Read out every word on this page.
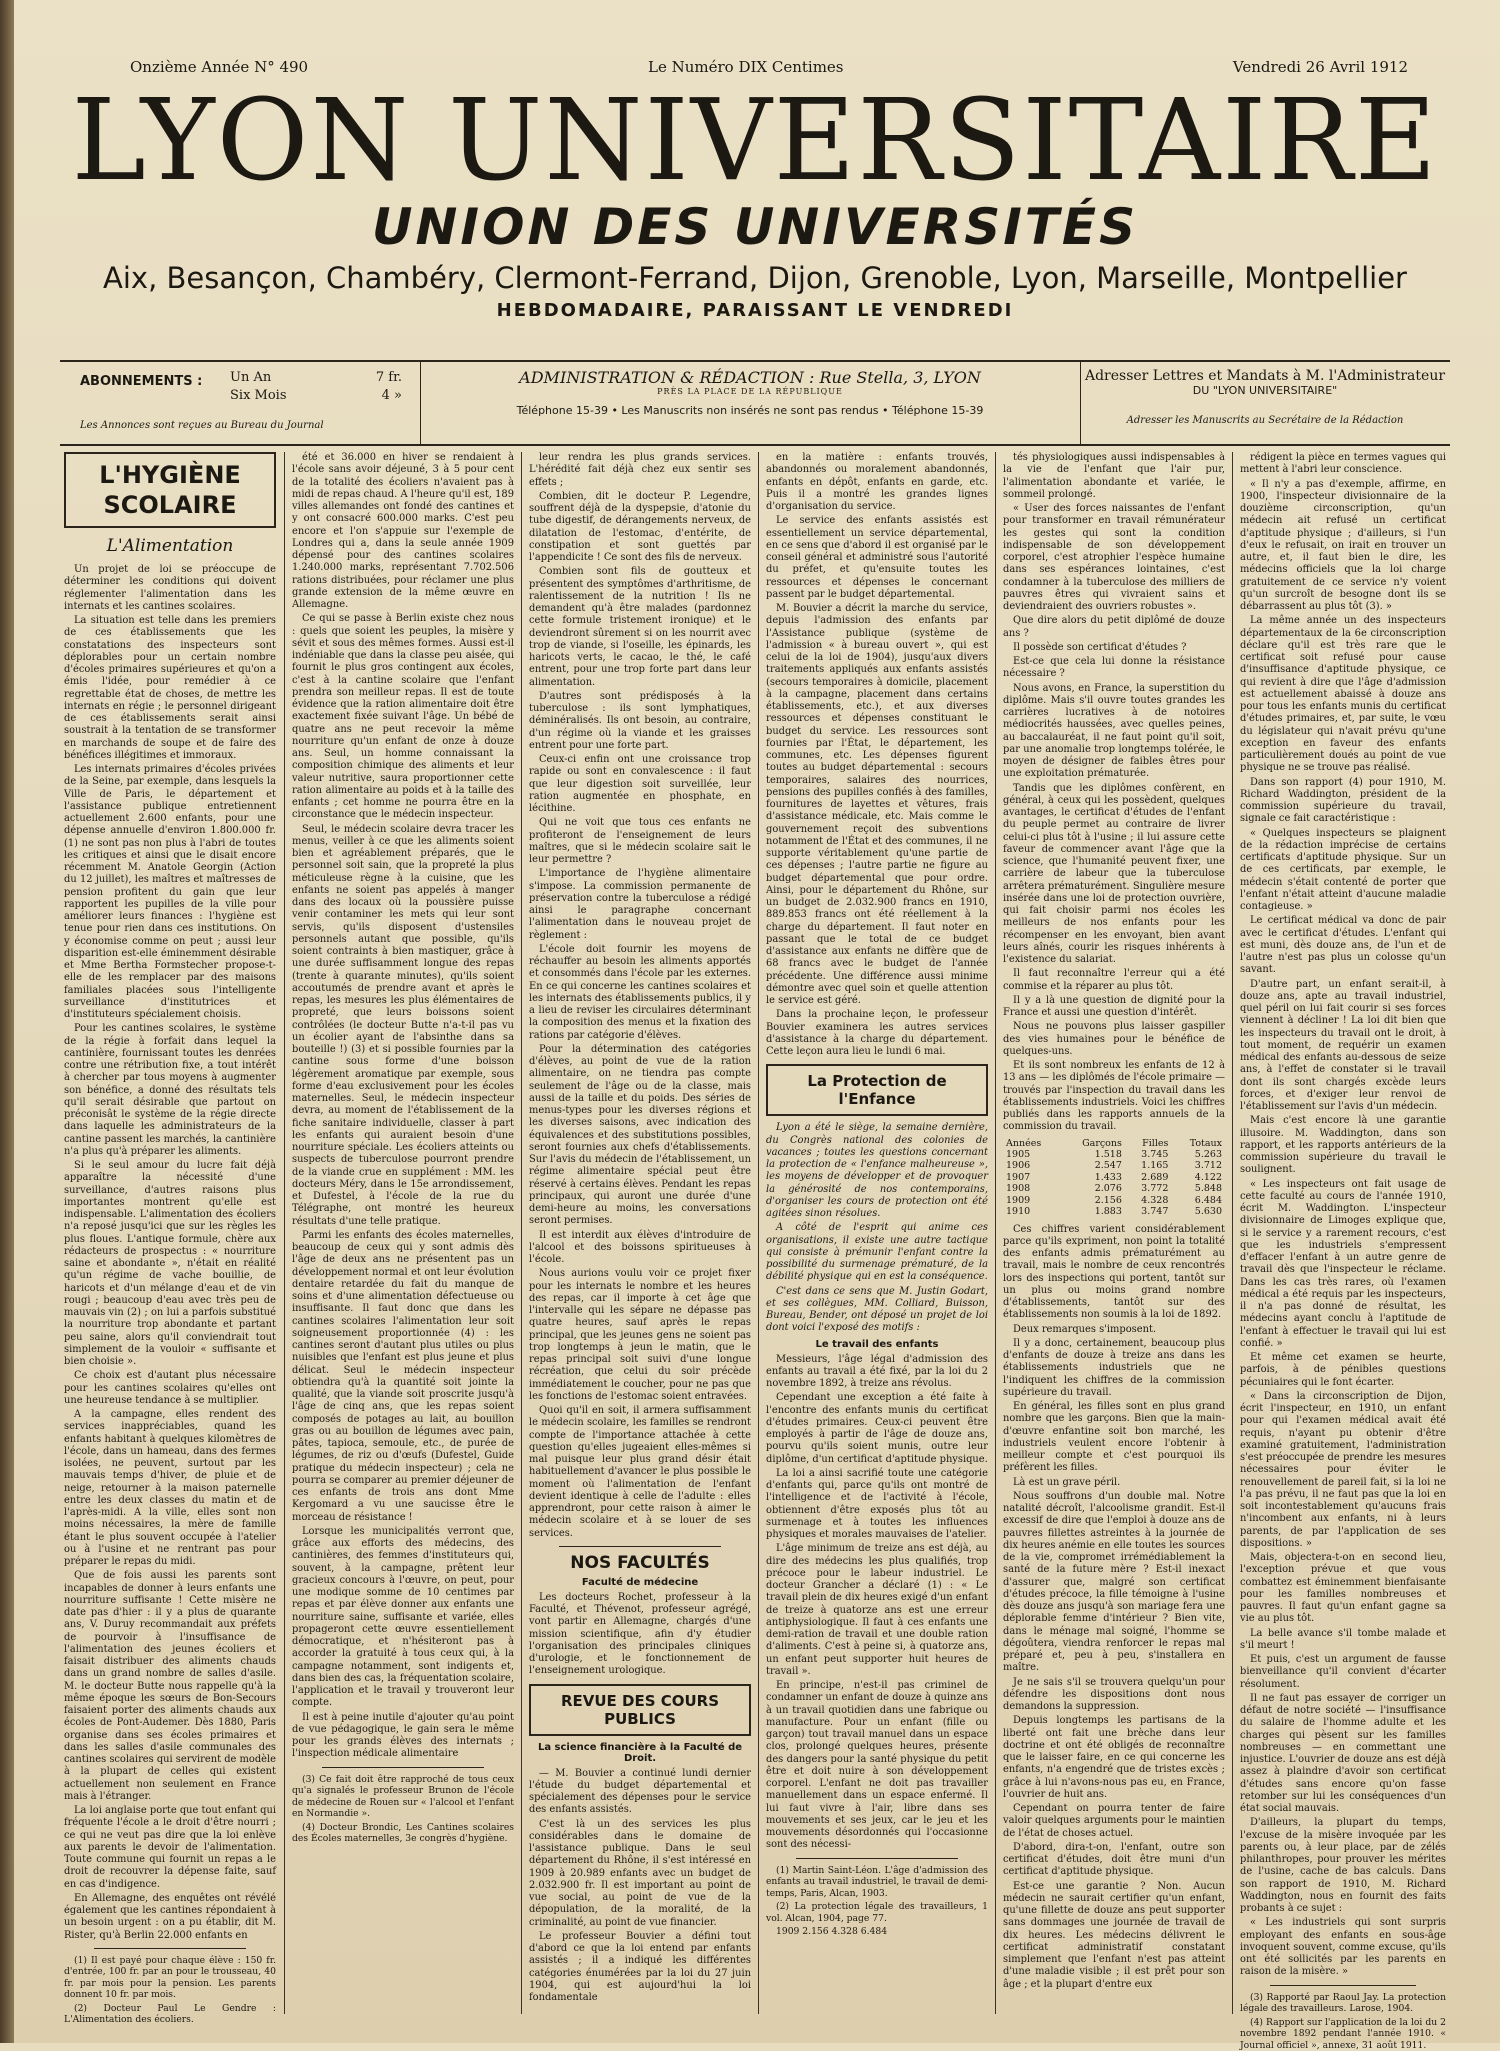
Onzième Année N° 490	Le Numéro DIX Centimes	Vendredi 26 Avril 1912
LYON UNIVERSITAIRE
UNION DES UNIVERSITÉS
Aix, Besançon, Chambéry, Clermont-Ferrand, Dijon, Grenoble, Lyon, Marseille, Montpellier
HEBDOMADAIRE, PARAISSANT LE VENDREDI
ABONNEMENTS : Un An	7 fr.
Six Mois	4 »
Les Annonces sont reçues au Bureau du Journal
ADMINISTRATION & RÉDACTION : Rue Stella, 3, LYON
PRÈS LA PLACE DE LA RÉPUBLIQUE
Téléphone 15-39 • Les Manuscrits non insérés ne sont pas rendus • Téléphone 15-39
Adresser Lettres et Mandats à M. l'Administrateur
DU "LYON UNIVERSITAIRE"
Adresser les Manuscrits au Secrétaire de la Rédaction
L'HYGIÈNE SCOLAIRE
L'Alimentation

Un projet de loi se préoccupe de déterminer les conditions qui doivent réglementer l'alimentation dans les internats et les cantines scolaires.

La situation est telle dans les premiers de ces établissements que les constatations des inspecteurs sont déplorables pour un certain nombre d'écoles primaires supérieures et qu'on a émis l'idée, pour remédier à ce regrettable état de choses, de mettre les internats en régie ; le personnel dirigeant de ces établissements serait ainsi soustrait à la tentation de se transformer en marchands de soupe et de faire des bénéfices illégitimes et immoraux.

Les internats primaires d'écoles privées de la Seine, par exemple, dans lesquels la Ville de Paris, le département et l'assistance publique entretiennent actuellement 2.600 enfants, pour une dépense annuelle d'environ 1.800.000 fr. (1) ne sont pas non plus à l'abri de toutes les critiques et ainsi que le disait encore récemment M. Anatole Georgin (Action du 12 juillet), les maîtres et maîtresses de pension profitent du gain que leur rapportent les pupilles de la ville pour améliorer leurs finances : l'hygiène est tenue pour rien dans ces institutions. On y économise comme on peut ; aussi leur disparition est-elle éminemment désirable et Mme Bertha Formstecher propose-t-elle de les remplacer par des maisons familiales placées sous l'intelligente surveillance d'institutrices et d'instituteurs spécialement choisis.

Pour les cantines scolaires, le système de la régie à forfait dans lequel la cantinière, fournissant toutes les denrées contre une rétribution fixe, a tout intérêt à chercher par tous moyens à augmenter son bénéfice, a donné des résultats tels qu'il serait désirable que partout on préconisât le système de la régie directe dans laquelle les administrateurs de la cantine passent les marchés, la cantinière n'a plus qu'à préparer les aliments.

Si le seul amour du lucre fait déjà apparaître la nécessité d'une surveillance, d'autres raisons plus importantes montrent qu'elle est indispensable. L'alimentation des écoliers n'a reposé jusqu'ici que sur les règles les plus floues. L'antique formule, chère aux rédacteurs de prospectus : « nourriture saine et abondante », n'était en réalité qu'un régime de vache bouillie, de haricots et d'un mélange d'eau et de vin rougi ; beaucoup d'eau avec très peu de mauvais vin (2) ; on lui a parfois substitué la nourriture trop abondante et partant peu saine, alors qu'il conviendrait tout simplement de la vouloir « suffisante et bien choisie ».

Ce choix est d'autant plus nécessaire pour les cantines scolaires qu'elles ont une heureuse tendance à se multiplier.

A la campagne, elles rendent des services inappréciables, quand les enfants habitant à quelques kilomètres de l'école, dans un hameau, dans des fermes isolées, ne peuvent, surtout par les mauvais temps d'hiver, de pluie et de neige, retourner à la maison paternelle entre les deux classes du matin et de l'après-midi. A la ville, elles sont non moins nécessaires, la mère de famille étant le plus souvent occupée à l'atelier ou à l'usine et ne rentrant pas pour préparer le repas du midi.

Que de fois aussi les parents sont incapables de donner à leurs enfants une nourriture suffisante ! Cette misère ne date pas d'hier : il y a plus de quarante ans, V. Duruy recommandait aux préfets de pourvoir à l'insuffisance de l'alimentation des jeunes écoliers et faisait distribuer des aliments chauds dans un grand nombre de salles d'asile. M. le docteur Butte nous rappelle qu'à la même époque les sœurs de Bon-Secours faisaient porter des aliments chauds aux écoles de Pont-Audemer. Dès 1880, Paris organise dans ses écoles primaires et dans les salles d'asile communales des cantines scolaires qui servirent de modèle à la plupart de celles qui existent actuellement non seulement en France mais à l'étranger.

La loi anglaise porte que tout enfant qui fréquente l'école a le droit d'être nourri ; ce qui ne veut pas dire que la loi enlève aux parents le devoir de l'alimentation. Toute commune qui fournit un repas a le droit de recouvrer la dépense faite, sauf en cas d'indigence.

En Allemagne, des enquêtes ont révélé également que les cantines répondaient à un besoin urgent : on a pu établir, dit M. Rister, qu'à Berlin 22.000 enfants en

(1) Il est payé pour chaque élève : 150 fr. d'entrée, 100 fr. par an pour le trousseau, 40 fr. par mois pour la pension. Les parents donnent 10 fr. par mois.

(2) Docteur Paul Le Gendre : L'Alimentation des écoliers.

été et 36.000 en hiver se rendaient à l'école sans avoir déjeuné, 3 à 5 pour cent de la totalité des écoliers n'avaient pas à midi de repas chaud. A l'heure qu'il est, 189 villes allemandes ont fondé des cantines et y ont consacré 600.000 marks. C'est peu encore et l'on s'appuie sur l'exemple de Londres qui a, dans la seule année 1909 dépensé pour des cantines scolaires 1.240.000 marks, représentant 7.702.506 rations distribuées, pour réclamer une plus grande extension de la même œuvre en Allemagne.

Ce qui se passe à Berlin existe chez nous : quels que soient les peuples, la misère y sévit et sous des mêmes formes. Aussi est-il indéniable que dans la classe peu aisée, qui fournit le plus gros contingent aux écoles, c'est à la cantine scolaire que l'enfant prendra son meilleur repas. Il est de toute évidence que la ration alimentaire doit être exactement fixée suivant l'âge. Un bébé de quatre ans ne peut recevoir la même nourriture qu'un enfant de onze à douze ans. Seul, un homme connaissant la composition chimique des aliments et leur valeur nutritive, saura proportionner cette ration alimentaire au poids et à la taille des enfants ; cet homme ne pourra être en la circonstance que le médecin inspecteur.

Seul, le médecin scolaire devra tracer les menus, veiller à ce que les aliments soient bien et agréablement préparés, que le personnel soit sain, que la propreté la plus méticuleuse règne à la cuisine, que les enfants ne soient pas appelés à manger dans des locaux où la poussière puisse venir contaminer les mets qui leur sont servis, qu'ils disposent d'ustensiles personnels autant que possible, qu'ils soient contraints à bien mastiquer, grâce à une durée suffisamment longue des repas (trente à quarante minutes), qu'ils soient accoutumés de prendre avant et après le repas, les mesures les plus élémentaires de propreté, que leurs boissons soient contrôlées (le docteur Butte n'a-t-il pas vu un écolier ayant de l'absinthe dans sa bouteille !) (3) et si possible fournies par la cantine sous forme d'une boisson légèrement aromatique par exemple, sous forme d'eau exclusivement pour les écoles maternelles. Seul, le médecin inspecteur devra, au moment de l'établissement de la fiche sanitaire individuelle, classer à part les enfants qui auraient besoin d'une nourriture spéciale. Les écoliers atteints ou suspects de tuberculose pourront prendre de la viande crue en supplément : MM. les docteurs Méry, dans le 15e arrondissement, et Dufestel, à l'école de la rue du Télégraphe, ont montré les heureux résultats d'une telle pratique.

Parmi les enfants des écoles maternelles, beaucoup de ceux qui y sont admis dès l'âge de deux ans ne présentent pas un développement normal et ont leur évolution dentaire retardée du fait du manque de soins et d'une alimentation défectueuse ou insuffisante. Il faut donc que dans les cantines scolaires l'alimentation leur soit soigneusement proportionnée (4) : les cantines seront d'autant plus utiles ou plus nuisibles que l'enfant est plus jeune et plus délicat. Seul le médecin inspecteur obtiendra qu'à la quantité soit jointe la qualité, que la viande soit proscrite jusqu'à l'âge de cinq ans, que les repas soient composés de potages au lait, au bouillon gras ou au bouillon de légumes avec pain, pâtes, tapioca, semoule, etc., de purée de légumes, de riz ou d'œufs (Dufestel, Guide pratique du médecin inspecteur) ; cela ne pourra se comparer au premier déjeuner de ces enfants de trois ans dont Mme Kergomard a vu une saucisse être le morceau de résistance !

Lorsque les municipalités verront que, grâce aux efforts des médecins, des cantinières, des femmes d'instituteurs qui, souvent, à la campagne, prêtent leur gracieux concours à l'œuvre, on peut, pour une modique somme de 10 centimes par repas et par élève donner aux enfants une nourriture saine, suffisante et variée, elles propageront cette œuvre essentiellement démocratique, et n'hésiteront pas à accorder la gratuité à tous ceux qui, à la campagne notamment, sont indigents et, dans bien des cas, la fréquentation scolaire, l'application et le travail y trouveront leur compte.

Il est à peine inutile d'ajouter qu'au point de vue pédagogique, le gain sera le même pour les grands élèves des internats ; l'inspection médicale alimentaire

(3) Ce fait doit être rapproché de tous ceux qu'a signalés le professeur Brunon de l'école de médecine de Rouen sur « l'alcool et l'enfant en Normandie ».

(4) Docteur Brondic, Les Cantines scolaires des Écoles maternelles, 3e congrès d'hygiène.

leur rendra les plus grands services. L'hérédité fait déjà chez eux sentir ses effets ;

Combien, dit le docteur P. Legendre, souffrent déjà de la dyspepsie, d'atonie du tube digestif, de dérangements nerveux, de dilatation de l'estomac, d'entérite, de constipation et sont guettés par l'appendicite ! Ce sont des fils de nerveux.

Combien sont fils de goutteux et présentent des symptômes d'arthritisme, de ralentissement de la nutrition ! Ils ne demandent qu'à être malades (pardonnez cette formule tristement ironique) et le deviendront sûrement si on les nourrit avec trop de viande, si l'oseille, les épinards, les haricots verts, le cacao, le thé, le café entrent, pour une trop forte part dans leur alimentation.

D'autres sont prédisposés à la tuberculose : ils sont lymphatiques, déminéralisés. Ils ont besoin, au contraire, d'un régime où la viande et les graisses entrent pour une forte part.

Ceux-ci enfin ont une croissance trop rapide ou sont en convalescence : il faut que leur digestion soit surveillée, leur ration augmentée en phosphate, en lécithine.

Qui ne voit que tous ces enfants ne profiteront de l'enseignement de leurs maîtres, que si le médecin scolaire sait le leur permettre ?

L'importance de l'hygiène alimentaire s'impose. La commission permanente de préservation contre la tuberculose a rédigé ainsi le paragraphe concernant l'alimentation dans le nouveau projet de règlement :

L'école doit fournir les moyens de réchauffer au besoin les aliments apportés et consommés dans l'école par les externes. En ce qui concerne les cantines scolaires et les internats des établissements publics, il y a lieu de reviser les circulaires déterminant la composition des menus et la fixation des rations par catégorie d'élèves.

Pour la détermination des catégories d'élèves, au point de vue de la ration alimentaire, on ne tiendra pas compte seulement de l'âge ou de la classe, mais aussi de la taille et du poids. Des séries de menus-types pour les diverses régions et les diverses saisons, avec indication des équivalences et des substitutions possibles, seront fournies aux chefs d'établissements. Sur l'avis du médecin de l'établissement, un régime alimentaire spécial peut être réservé à certains élèves. Pendant les repas principaux, qui auront une durée d'une demi-heure au moins, les conversations seront permises.

Il est interdit aux élèves d'introduire de l'alcool et des boissons spiritueuses à l'école.

Nous aurions voulu voir ce projet fixer pour les internats le nombre et les heures des repas, car il importe à cet âge que l'intervalle qui les sépare ne dépasse pas quatre heures, sauf après le repas principal, que les jeunes gens ne soient pas trop longtemps à jeun le matin, que le repas principal soit suivi d'une longue récréation, que celui du soir précède immédiatement le coucher, pour ne pas que les fonctions de l'estomac soient entravées.

Quoi qu'il en soit, il armera suffisamment le médecin scolaire, les familles se rendront compte de l'importance attachée à cette question qu'elles jugeaient elles-mêmes si mal puisque leur plus grand désir était habituellement d'avancer le plus possible le moment où l'alimentation de l'enfant devient identique à celle de l'adulte : elles apprendront, pour cette raison à aimer le médecin scolaire et à se louer de ses services.

NOS FACULTÉS
Faculté de médecine

Les docteurs Rochet, professeur à la Faculté, et Thévenot, professeur agrégé, vont partir en Allemagne, chargés d'une mission scientifique, afin d'y étudier l'organisation des principales cliniques d'urologie, et le fonctionnement de l'enseignement urologique.

REVUE DES COURS PUBLICS
La science financière à la Faculté de Droit.

— M. Bouvier a continué lundi dernier l'étude du budget départemental et spécialement des dépenses pour le service des enfants assistés.

C'est là un des services les plus considérables dans le domaine de l'assistance publique. Dans le seul département du Rhône, il s'est intéressé en 1909 à 20.989 enfants avec un budget de 2.032.900 fr. Il est important au point de vue social, au point de vue de la dépopulation, de la moralité, de la criminalité, au point de vue financier.

Le professeur Bouvier a défini tout d'abord ce que la loi entend par enfants assistés ; il a indiqué les différentes catégories énumérées par la loi du 27 juin 1904, qui est aujourd'hui la loi fondamentale

en la matière : enfants trouvés, abandonnés ou moralement abandonnés, enfants en dépôt, enfants en garde, etc. Puis il a montré les grandes lignes d'organisation du service.

Le service des enfants assistés est essentiellement un service départemental, en ce sens que d'abord il est organisé par le conseil général et administré sous l'autorité du préfet, et qu'ensuite toutes les ressources et dépenses le concernant passent par le budget départemental.

M. Bouvier a décrit la marche du service, depuis l'admission des enfants par l'Assistance publique (système de l'admission « à bureau ouvert », qui est celui de la loi de 1904), jusqu'aux divers traitements appliqués aux enfants assistés (secours temporaires à domicile, placement à la campagne, placement dans certains établissements, etc.), et aux diverses ressources et dépenses constituant le budget du service. Les ressources sont fournies par l'État, le département, les communes, etc. Les dépenses figurent toutes au budget départemental : secours temporaires, salaires des nourrices, pensions des pupilles confiés à des familles, fournitures de layettes et vêtures, frais d'assistance médicale, etc. Mais comme le gouvernement reçoit des subventions notamment de l'État et des communes, il ne supporte véritablement qu'une partie de ces dépenses ; l'autre partie ne figure au budget départemental que pour ordre. Ainsi, pour le département du Rhône, sur un budget de 2.032.900 francs en 1910, 889.853 francs ont été réellement à la charge du département. Il faut noter en passant que le total de ce budget d'assistance aux enfants ne diffère que de 68 francs avec le budget de l'année précédente. Une différence aussi minime démontre avec quel soin et quelle attention le service est géré.

Dans la prochaine leçon, le professeur Bouvier examinera les autres services d'assistance à la charge du département. Cette leçon aura lieu le lundi 6 mai.

La Protection de l'Enfance

Lyon a été le siège, la semaine dernière, du Congrès national des colonies de vacances ; toutes les questions concernant la protection de « l'enfance malheureuse », les moyens de développer et de provoquer la générosité de nos contemporains, d'organiser les cours de protection ont été agitées sinon résolues.

A côté de l'esprit qui anime ces organisations, il existe une autre tactique qui consiste à prémunir l'enfant contre la possibilité du surmenage prématuré, de la débilité physique qui en est la conséquence.

C'est dans ce sens que M. Justin Godart, et ses collègues, MM. Colliard, Buisson, Bureau, Bender, ont déposé un projet de loi dont voici l'exposé des motifs :

Le travail des enfants

Messieurs, l'âge légal d'admission des enfants au travail a été fixé, par la loi du 2 novembre 1892, à treize ans révolus.

Cependant une exception a été faite à l'encontre des enfants munis du certificat d'études primaires. Ceux-ci peuvent être employés à partir de l'âge de douze ans, pourvu qu'ils soient munis, outre leur diplôme, d'un certificat d'aptitude physique.

La loi a ainsi sacrifié toute une catégorie d'enfants qui, parce qu'ils ont montré de l'intelligence et de l'activité à l'école, obtiennent d'être exposés plus tôt au surmenage et à toutes les influences physiques et morales mauvaises de l'atelier.

L'âge minimum de treize ans est déjà, au dire des médecins les plus qualifiés, trop précoce pour le labeur industriel. Le docteur Grancher a déclaré (1) : « Le travail plein de dix heures exigé d'un enfant de treize à quatorze ans est une erreur antiphysiologique. Il faut à ces enfants une demi-ration de travail et une double ration d'aliments. C'est à peine si, à quatorze ans, un enfant peut supporter huit heures de travail ».

En principe, n'est-il pas criminel de condamner un enfant de douze à quinze ans à un travail quotidien dans une fabrique ou manufacture. Pour un enfant (fille ou garçon) tout travail manuel dans un espace clos, prolongé quelques heures, présente des dangers pour la santé physique du petit être et doit nuire à son développement corporel. L'enfant ne doit pas travailler manuellement dans un espace enfermé. Il lui faut vivre à l'air, libre dans ses mouvements et ses jeux, car le jeu et les mouvements désordonnés qui l'occasionne sont des nécessi-

(1) Martin Saint-Léon. L'âge d'admission des enfants au travail industriel, le travail de demi-temps, Paris, Alcan, 1903.

(2) La protection légale des travailleurs, 1 vol. Alcan, 1904, page 77.

1909 2.156 4.328 6.484

tés physiologiques aussi indispensables à la vie de l'enfant que l'air pur, l'alimentation abondante et variée, le sommeil prolongé.

« User des forces naissantes de l'enfant pour transformer en travail rémunérateur les gestes qui sont la condition indispensable de son développement corporel, c'est atrophier l'espèce humaine dans ses espérances lointaines, c'est condamner à la tuberculose des milliers de pauvres êtres qui vivraient sains et deviendraient des ouvriers robustes ».

Que dire alors du petit diplômé de douze ans ?

Il possède son certificat d'études ?

Est-ce que cela lui donne la résistance nécessaire ?

Nous avons, en France, la superstition du diplôme. Mais s'il ouvre toutes grandes les carrières lucratives à de notoires médiocrités haussées, avec quelles peines, au baccalauréat, il ne faut point qu'il soit, par une anomalie trop longtemps tolérée, le moyen de désigner de faibles êtres pour une exploitation prématurée.

Tandis que les diplômes confèrent, en général, à ceux qui les possèdent, quelques avantages, le certificat d'études de l'enfant du peuple permet au contraire de livrer celui-ci plus tôt à l'usine ; il lui assure cette faveur de commencer avant l'âge que la science, que l'humanité peuvent fixer, une carrière de labeur que la tuberculose arrêtera prématurément. Singulière mesure insérée dans une loi de protection ouvrière, qui fait choisir parmi nos écoles les meilleurs de nos enfants pour les récompenser en les envoyant, bien avant leurs aînés, courir les risques inhérents à l'existence du salariat.

Il faut reconnaître l'erreur qui a été commise et la réparer au plus tôt.

Il y a là une question de dignité pour la France et aussi une question d'intérêt.

Nous ne pouvons plus laisser gaspiller des vies humaines pour le bénéfice de quelques-uns.

Et ils sont nombreux les enfants de 12 à 13 ans — les diplômés de l'école primaire — trouvés par l'inspection du travail dans les établissements industriels. Voici les chiffres publiés dans les rapports annuels de la commission du travail.

Années	Garçons	Filles	Totaux
1905	1.518	3.745	5.263
1906	2.547	1.165	3.712
1907	1.433	2.689	4.122
1908	2.076	3.772	5.848
1909	2.156	4.328	6.484
1910	1.883	3.747	5.630

Ces chiffres varient considérablement parce qu'ils expriment, non point la totalité des enfants admis prématurément au travail, mais le nombre de ceux rencontrés lors des inspections qui portent, tantôt sur un plus ou moins grand nombre d'établissements, tantôt sur des établissements non soumis à la loi de 1892.

Deux remarques s'imposent.

Il y a donc, certainement, beaucoup plus d'enfants de douze à treize ans dans les établissements industriels que ne l'indiquent les chiffres de la commission supérieure du travail.

En général, les filles sont en plus grand nombre que les garçons. Bien que la main-d'œuvre enfantine soit bon marché, les industriels veulent encore l'obtenir à meilleur compte et c'est pourquoi ils préfèrent les filles.

Là est un grave péril.

Nous souffrons d'un double mal. Notre natalité décroît, l'alcoolisme grandit. Est-il excessif de dire que l'emploi à douze ans de pauvres fillettes astreintes à la journée de dix heures anémie en elle toutes les sources de la vie, compromet irrémédiablement la santé de la future mère ? Est-il inexact d'assurer que, malgré son certificat d'études précoce, la fille témoigne à l'usine dès douze ans jusqu'à son mariage fera une déplorable femme d'intérieur ? Bien vite, dans le ménage mal soigné, l'homme se dégoûtera, viendra renforcer le repas mal préparé et, peu à peu, s'installera en maître.

Je ne sais s'il se trouvera quelqu'un pour défendre les dispositions dont nous demandons la suppression.

Depuis longtemps les partisans de la liberté ont fait une brèche dans leur doctrine et ont été obligés de reconnaître que le laisser faire, en ce qui concerne les enfants, n'a engendré que de tristes excès ; grâce à lui n'avons-nous pas eu, en France, l'ouvrier de huit ans.

Cependant on pourra tenter de faire valoir quelques arguments pour le maintien de l'état de choses actuel.

D'abord, dira-t-on, l'enfant, outre son certificat d'études, doit être muni d'un certificat d'aptitude physique.

Est-ce une garantie ? Non. Aucun médecin ne saurait certifier qu'un enfant, qu'une fillette de douze ans peut supporter sans dommages une journée de travail de dix heures. Les médecins délivrent le certificat administratif constatant simplement que l'enfant n'est pas atteint d'une maladie visible ; il est prêt pour son âge ; et la plupart d'entre eux

rédigent la pièce en termes vagues qui mettent à l'abri leur conscience.

« Il n'y a pas d'exemple, affirme, en 1900, l'inspecteur divisionnaire de la douzième circonscription, qu'un médecin ait refusé un certificat d'aptitude physique ; d'ailleurs, si l'un d'eux le refusait, on irait en trouver un autre, et, il faut bien le dire, les médecins officiels que la loi charge gratuitement de ce service n'y voient qu'un surcroît de besogne dont ils se débarrassent au plus tôt (3). »

La même année un des inspecteurs départementaux de la 6e circonscription déclare qu'il est très rare que le certificat soit refusé pour cause d'insuffisance d'aptitude physique, ce qui revient à dire que l'âge d'admission est actuellement abaissé à douze ans pour tous les enfants munis du certificat d'études primaires, et, par suite, le vœu du législateur qui n'avait prévu qu'une exception en faveur des enfants particulièrement doués au point de vue physique ne se trouve pas réalisé.

Dans son rapport (4) pour 1910, M. Richard Waddington, président de la commission supérieure du travail, signale ce fait caractéristique :

« Quelques inspecteurs se plaignent de la rédaction imprécise de certains certificats d'aptitude physique. Sur un de ces certificats, par exemple, le médecin s'était contenté de porter que l'enfant n'était atteint d'aucune maladie contagieuse. »

Le certificat médical va donc de pair avec le certificat d'études. L'enfant qui est muni, dès douze ans, de l'un et de l'autre n'est pas plus un colosse qu'un savant.

D'autre part, un enfant serait-il, à douze ans, apte au travail industriel, quel péril on lui fait courir si ses forces viennent à décliner ! La loi dit bien que les inspecteurs du travail ont le droit, à tout moment, de requérir un examen médical des enfants au-dessous de seize ans, à l'effet de constater si le travail dont ils sont chargés excède leurs forces, et d'exiger leur renvoi de l'établissement sur l'avis d'un médecin.

Mais c'est encore là une garantie illusoire. M. Waddington, dans son rapport, et les rapports antérieurs de la commission supérieure du travail le soulignent.

« Les inspecteurs ont fait usage de cette faculté au cours de l'année 1910, écrit M. Waddington. L'inspecteur divisionnaire de Limoges explique que, si le service y a rarement recours, c'est que les industriels s'empressent d'effacer l'enfant à un autre genre de travail dès que l'inspecteur le réclame. Dans les cas très rares, où l'examen médical a été requis par les inspecteurs, il n'a pas donné de résultat, les médecins ayant conclu à l'aptitude de l'enfant à effectuer le travail qui lui est confié. »

Et même cet examen se heurte, parfois, à de pénibles questions pécuniaires qui le font écarter.

« Dans la circonscription de Dijon, écrit l'inspecteur, en 1910, un enfant pour qui l'examen médical avait été requis, n'ayant pu obtenir d'être examiné gratuitement, l'administration s'est préoccupée de prendre les mesures nécessaires pour éviter le renouvellement de pareil fait, si la loi ne l'a pas prévu, il ne faut pas que la loi en soit incontestablement qu'aucuns frais n'incombent aux enfants, ni à leurs parents, de par l'application de ses dispositions. »

Mais, objectera-t-on en second lieu, l'exception prévue et que vous combattez est éminemment bienfaisante pour les familles nombreuses et pauvres. Il faut qu'un enfant gagne sa vie au plus tôt.

La belle avance s'il tombe malade et s'il meurt !

Et puis, c'est un argument de fausse bienveillance qu'il convient d'écarter résolument.

Il ne faut pas essayer de corriger un défaut de notre société — l'insuffisance du salaire de l'homme adulte et les charges qui pèsent sur les familles nombreuses — en commettant une injustice. L'ouvrier de douze ans est déjà assez à plaindre d'avoir son certificat d'études sans encore qu'on fasse retomber sur lui les conséquences d'un état social mauvais.

D'ailleurs, la plupart du temps, l'excuse de la misère invoquée par les parents ou, à leur place, par de zélés philanthropes, pour prouver les mérites de l'usine, cache de bas calculs. Dans son rapport de 1910, M. Richard Waddington, nous en fournit des faits probants à ce sujet :

« Les industriels qui sont surpris employant des enfants en sous-âge invoquent souvent, comme excuse, qu'ils ont été sollicités par les parents en raison de la misère. »

(3) Rapporté par Raoul Jay. La protection légale des travailleurs. Larose, 1904.

(4) Rapport sur l'application de la loi du 2 novembre 1892 pendant l'année 1910. « Journal officiel », annexe, 31 août 1911.
